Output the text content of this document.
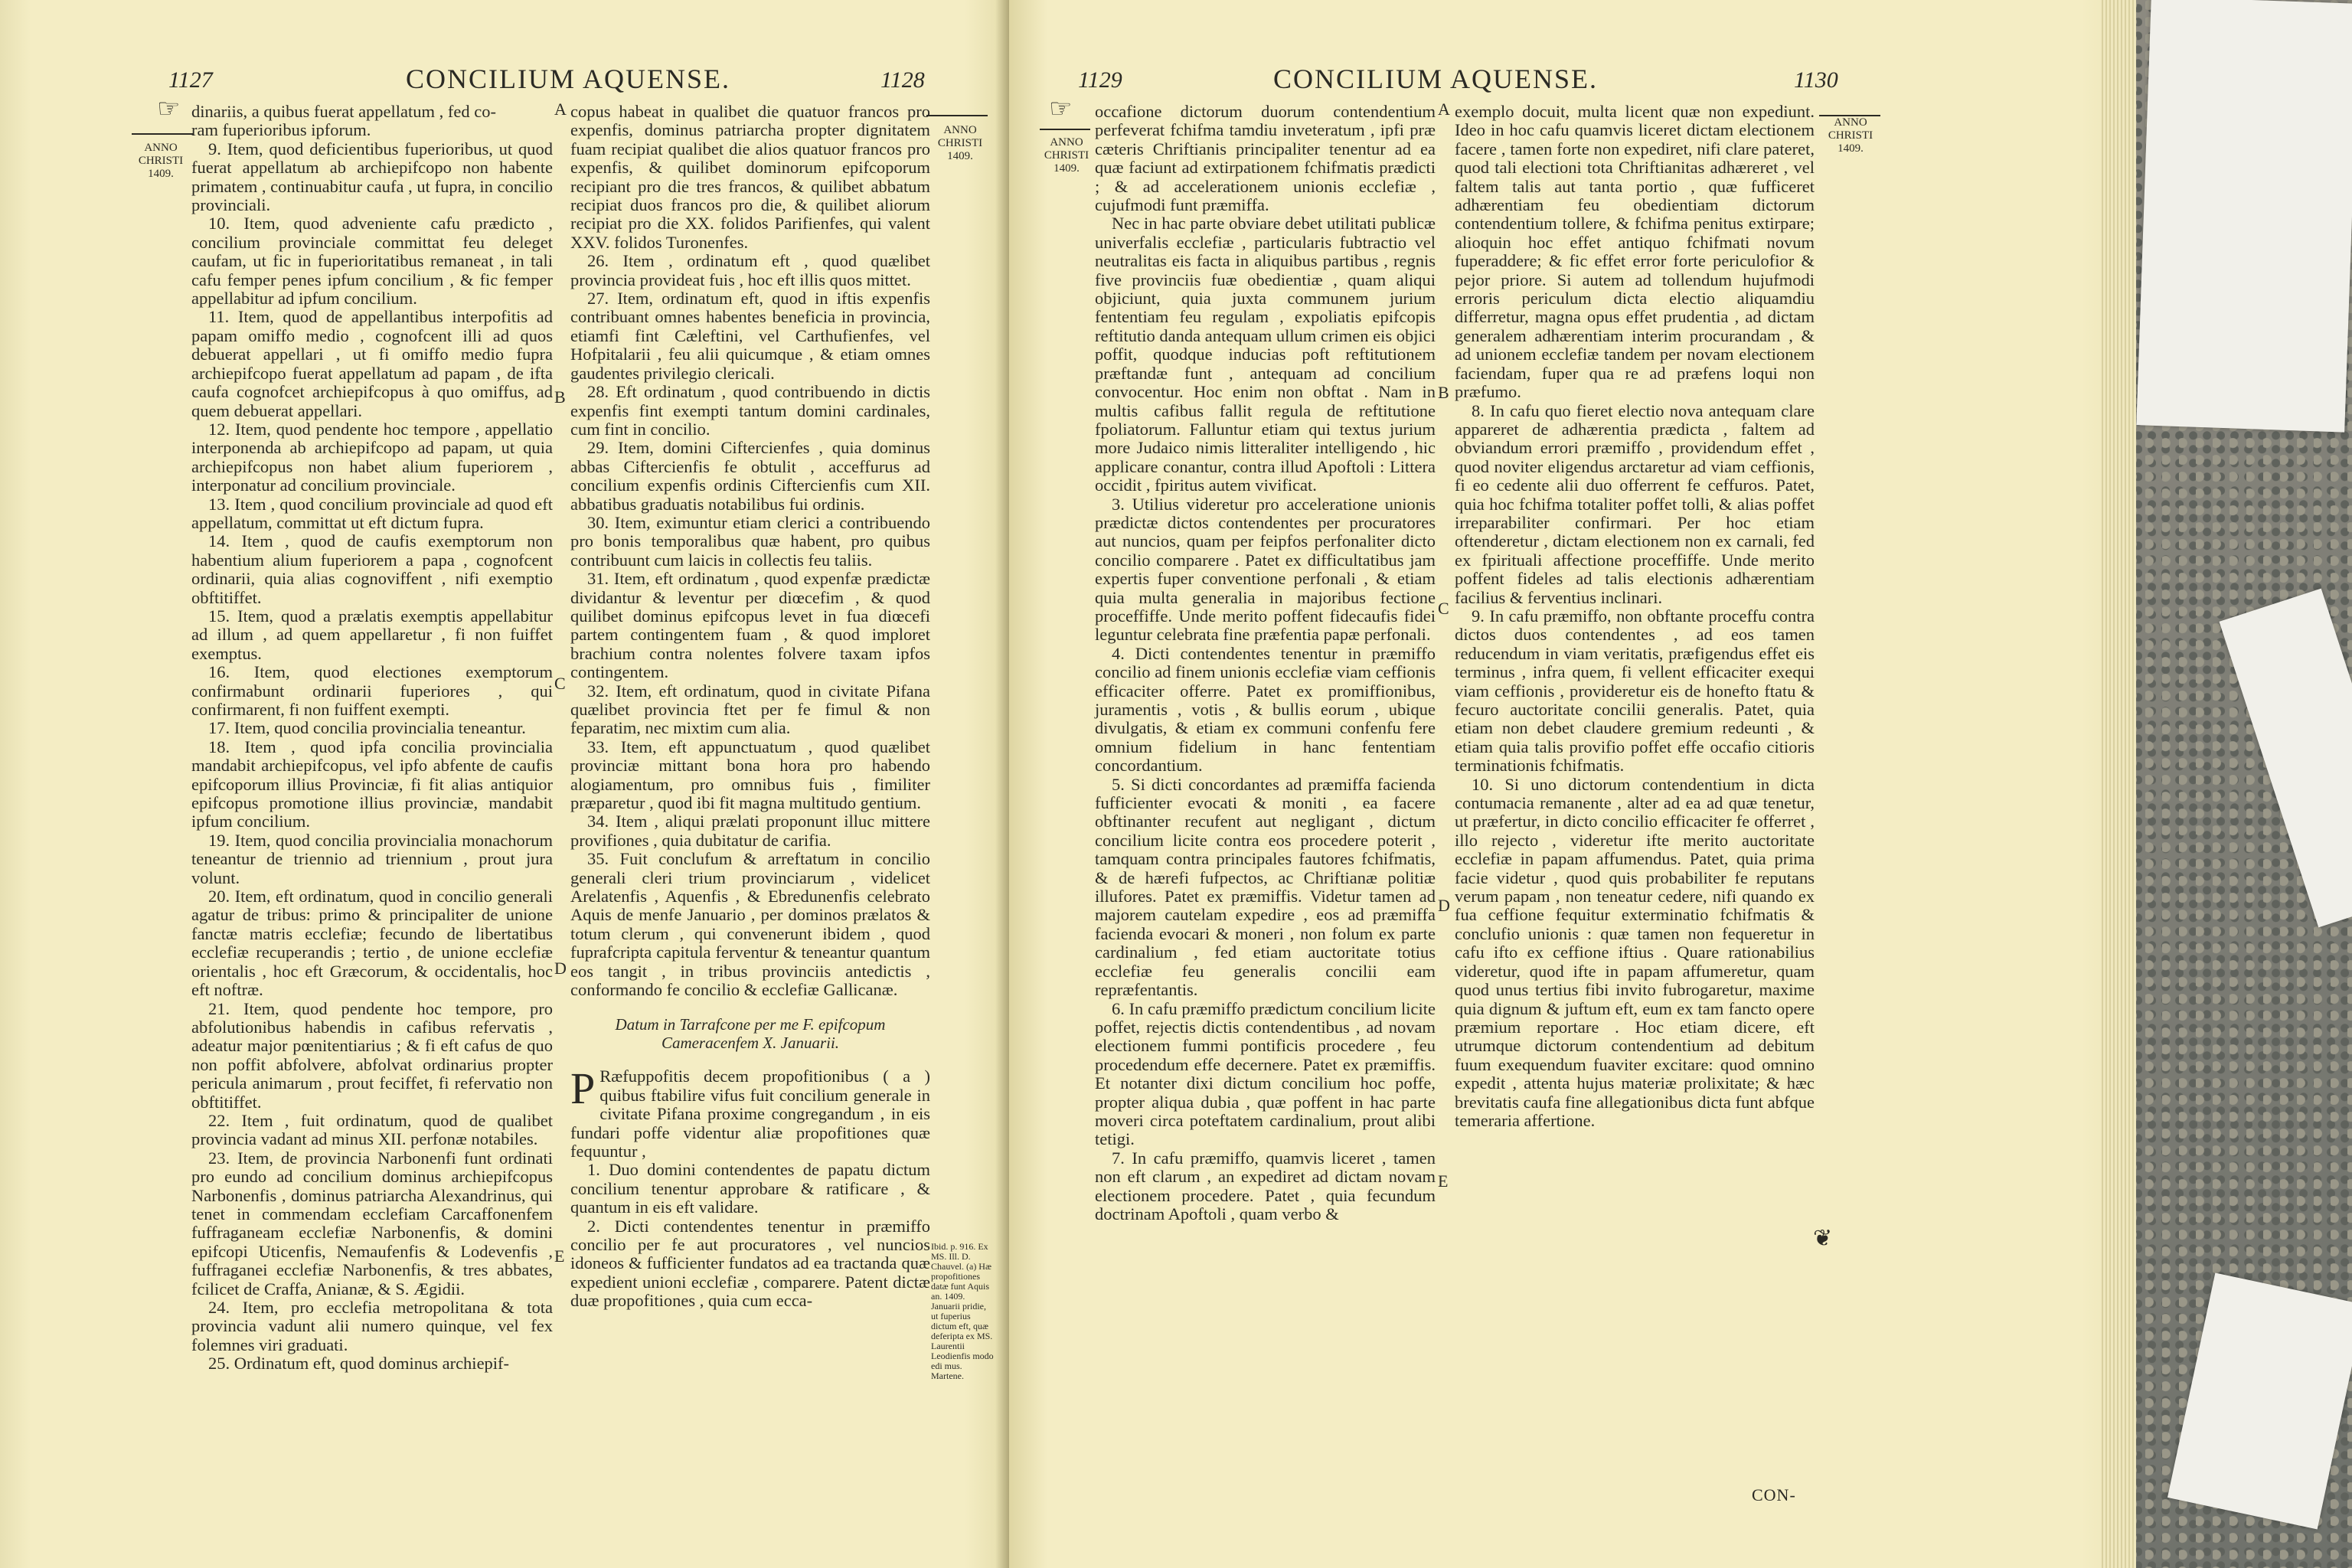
1127	CONCILIUM AQUENSE.	1128
☞
ANNO
CHRISTI
1409.
ANNO
CHRISTI
1409.
A
B
C
D
E

dinariis, a quibus fuerat appellatum , fed co-

ram fuperioribus ipforum.

9. Item, quod deficientibus fuperioribus, ut quod fuerat appellatum ab archiepifcopo non habente primatem , continuabitur caufa , ut fupra, in concilio provinciali.

10. Item, quod adveniente cafu prædicto , concilium provinciale committat feu deleget caufam, ut fic in fuperioritatibus remaneat , in tali cafu femper penes ipfum concilium , & fic femper appellabitur ad ipfum concilium.

11. Item, quod de appellantibus interpofitis ad papam omiffo medio , cognofcent illi ad quos debuerat appellari , ut fi omiffo medio fupra archiepifcopo fuerat appellatum ad papam , de ifta caufa cognofcet archiepifcopus à quo omiffus, ad quem debuerat appellari.

12. Item, quod pendente hoc tempore , appellatio interponenda ab archiepifcopo ad papam, ut quia archiepifcopus non habet alium fuperiorem , interponatur ad concilium provinciale.

13. Item , quod concilium provinciale ad quod eft appellatum, committat ut eft dictum fupra.

14. Item , quod de caufis exemptorum non habentium alium fuperiorem a papa , cognofcent ordinarii, quia alias cognoviffent , nifi exemptio obftitiffet.

15. Item, quod a prælatis exemptis appellabitur ad illum , ad quem appellaretur , fi non fuiffet exemptus.

16. Item, quod electiones exemptorum confirmabunt ordinarii fuperiores , qui confirmarent, fi non fuiffent exempti.

17. Item, quod concilia provincialia teneantur.

18. Item , quod ipfa concilia provincialia mandabit archiepifcopus, vel ipfo abfente de caufis epifcoporum illius Provinciæ, fi fit alias antiquior epifcopus promotione illius provinciæ, mandabit ipfum concilium.

19. Item, quod concilia provincialia monachorum teneantur de triennio ad triennium , prout jura volunt.

20. Item, eft ordinatum, quod in concilio generali agatur de tribus: primo & principaliter de unione fanctæ matris ecclefiæ; fecundo de libertatibus ecclefiæ recuperandis ; tertio , de unione ecclefiæ orientalis , hoc eft Græcorum, & occidentalis, hoc eft noftræ.

21. Item, quod pendente hoc tempore, pro abfolutionibus habendis in cafibus refervatis , adeatur major pœnitentiarius ; & fi eft cafus de quo non poffit abfolvere, abfolvat ordinarius propter pericula animarum , prout feciffet, fi refervatio non obftitiffet.

22. Item , fuit ordinatum, quod de qualibet provincia vadant ad minus XII. perfonæ notabiles.

23. Item, de provincia Narbonenfi funt ordinati pro eundo ad concilium dominus archiepifcopus Narbonenfis , dominus patriarcha Alexandrinus, qui tenet in commendam ecclefiam Carcaffonenfem fuffraganeam ecclefiæ Narbonenfis, & domini epifcopi Uticenfis, Nemaufenfis & Lodevenfis , fuffraganei ecclefiæ Narbonenfis, & tres abbates, fcilicet de Craffa, Anianæ, & S. Ægidii.

24. Item, pro ecclefia metropolitana & tota provincia vadunt alii numero quinque, vel fex folemnes viri graduati.

25. Ordinatum eft, quod dominus archiepif-

copus habeat in qualibet die quatuor francos pro expenfis, dominus patriarcha propter dignitatem fuam recipiat qualibet die alios quatuor francos pro expenfis, & quilibet dominorum epifcoporum recipiant pro die tres francos, & quilibet abbatum recipiat duos francos pro die, & quilibet aliorum recipiat pro die XX. folidos Parifienfes, qui valent XXV. folidos Turonenfes.

26. Item , ordinatum eft , quod quælibet provincia provideat fuis , hoc eft illis quos mittet.

27. Item, ordinatum eft, quod in iftis expenfis contribuant omnes habentes beneficia in provincia, etiamfi fint Cæleftini, vel Carthufienfes, vel Hofpitalarii , feu alii quicumque , & etiam omnes gaudentes privilegio clericali.

28. Eft ordinatum , quod contribuendo in dictis expenfis fint exempti tantum domini cardinales, cum fint in concilio.

29. Item, domini Ciftercienfes , quia dominus abbas Ciftercienfis fe obtulit , acceffurus ad concilium expenfis ordinis Ciftercienfis cum XII. abbatibus graduatis notabilibus fui ordinis.

30. Item, eximuntur etiam clerici a contribuendo pro bonis temporalibus quæ habent, pro quibus contribuunt cum laicis in collectis feu taliis.

31. Item, eft ordinatum , quod expenfæ prædictæ dividantur & leventur per diœcefim , & quod quilibet dominus epifcopus levet in fua diœcefi partem contingentem fuam , & quod imploret brachium contra nolentes folvere taxam ipfos contingentem.

32. Item, eft ordinatum, quod in civitate Pifana quælibet provincia ftet per fe fimul & non feparatim, nec mixtim cum alia.

33. Item, eft appunctuatum , quod quælibet provinciæ mittant bona hora pro habendo alogiamentum, pro omnibus fuis , fimiliter præparetur , quod ibi fit magna multitudo gentium.

34. Item , aliqui prælati proponunt illuc mittere provifiones , quia dubitatur de carifia.

35. Fuit conclufum & arreftatum in concilio generali cleri trium provinciarum , videlicet Arelatenfis , Aquenfis , & Ebredunenfis celebrato Aquis de menfe Januario , per dominos prælatos & totum clerum , qui convenerunt ibidem , quod fuprafcripta capitula ferventur & teneantur quantum eos tangit , in tribus provinciis antedictis , conformando fe concilio & ecclefiæ Gallicanæ.

Datum in Tarrafcone per me F. epifcopum Cameracenfem X. Januarii.

P Ræfuppofitis decem propofitionibus ( a ) quibus ftabilire vifus fuit concilium generale in civitate Pifana proxime congregandum , in eis fundari poffe videntur aliæ propofitiones quæ fequuntur ,

1. Duo domini contendentes de papatu dictum concilium tenentur approbare & ratificare , & quantum in eis eft validare.

2. Dicti contendentes tenentur in præmiffo concilio per fe aut procuratores , vel nuncios idoneos & fufficienter fundatos ad ea tractanda quæ expedient unioni ecclefiæ , comparere. Patent dictæ duæ propofitiones , quia cum ecca-

Ibid. p. 916. Ex MS. Ill. D. Chauvel. (a) Hæ propofitiones datæ funt Aquis an. 1409. Januarii pridie, ut fuperius dictum eft, quæ deferipta ex MS. Laurentii Leodienfis modo edi mus. Martene.
1129	CONCILIUM AQUENSE.	1130
☞
ANNO
CHRISTI
1409.
ANNO
CHRISTI
1409.
A
B
C
D
E

occafione dictorum duorum contendentium perfeverat fchifma tamdiu inveteratum , ipfi præ cæteris Chriftianis principaliter tenentur ad ea quæ faciunt ad extirpationem fchifmatis prædicti ; & ad accelerationem unionis ecclefiæ , cujufmodi funt præmiffa.

Nec in hac parte obviare debet utilitati publicæ univerfalis ecclefiæ , particularis fubtractio vel neutralitas eis facta in aliquibus partibus , regnis five provinciis fuæ obedientiæ , quam aliqui objiciunt, quia juxta communem jurium fententiam feu regulam , expoliatis epifcopis reftitutio danda antequam ullum crimen eis objici poffit, quodque inducias poft reftitutionem præftandæ funt , antequam ad concilium convocentur. Hoc enim non obftat . Nam in multis cafibus fallit regula de reftitutione fpoliatorum. Falluntur etiam qui textus jurium more Judaico nimis litteraliter intelligendo , hic applicare conantur, contra illud Apoftoli : Littera occidit , fpiritus autem vivificat.

3. Utilius videretur pro acceleratione unionis prædictæ dictos contendentes per procuratores aut nuncios, quam per feipfos perfonaliter dicto concilio comparere . Patet ex difficultatibus jam expertis fuper conventione perfonali , & etiam quia multa generalia in majoribus fectione proceffiffe. Unde merito poffent fidecaufis fidei leguntur celebrata fine præfentia papæ perfonali.

4. Dicti contendentes tenentur in præmiffo concilio ad finem unionis ecclefiæ viam ceffionis efficaciter offerre. Patet ex promiffionibus, juramentis , votis , & bullis eorum , ubique divulgatis, & etiam ex communi confenfu fere omnium fidelium in hanc fententiam concordantium.

5. Si dicti concordantes ad præmiffa facienda fufficienter evocati & moniti , ea facere obftinanter recufent aut negligant , dictum concilium licite contra eos procedere poterit , tamquam contra principales fautores fchifmatis, & de hærefi fufpectos, ac Chriftianæ politiæ illufores. Patet ex præmiffis. Videtur tamen ad majorem cautelam expedire , eos ad præmiffa facienda evocari & moneri , non folum ex parte cardinalium , fed etiam auctoritate totius ecclefiæ feu generalis concilii eam repræfentantis.

6. In cafu præmiffo prædictum concilium licite poffet, rejectis dictis contendentibus , ad novam electionem fummi pontificis procedere , feu procedendum effe decernere. Patet ex præmiffis. Et notanter dixi dictum concilium hoc poffe, propter aliqua dubia , quæ poffent in hac parte moveri circa poteftatem cardinalium, prout alibi tetigi.

7. In cafu præmiffo, quamvis liceret , tamen non eft clarum , an expediret ad dictam novam electionem procedere. Patet , quia fecundum doctrinam Apoftoli , quam verbo &

exemplo docuit, multa licent quæ non expediunt. Ideo in hoc cafu quamvis liceret dictam electionem facere , tamen forte non expediret, nifi clare pateret, quod tali electioni tota Chriftianitas adhæreret , vel faltem talis aut tanta portio , quæ fufficeret adhærentiam feu obedientiam dictorum contendentium tollere, & fchifma penitus extirpare; alioquin hoc effet antiquo fchifmati novum fuperaddere; & fic effet error forte periculofior & pejor priore. Si autem ad tollendum hujufmodi erroris periculum dicta electio aliquamdiu differretur, magna opus effet prudentia , ad dictam generalem adhærentiam interim procurandam , & ad unionem ecclefiæ tandem per novam electionem faciendam, fuper qua re ad præfens loqui non præfumo.

8. In cafu quo fieret electio nova antequam clare appareret de adhærentia prædicta , faltem ad obviandum errori præmiffo , providendum effet , quod noviter eligendus arctaretur ad viam ceffionis, fi eo cedente alii duo offerrent fe ceffuros. Patet, quia hoc fchifma totaliter poffet tolli, & alias poffet irreparabiliter confirmari. Per hoc etiam oftenderetur , dictam electionem non ex carnali, fed ex fpirituali affectione proceffiffe. Unde merito poffent fideles ad talis electionis adhærentiam facilius & ferventius inclinari.

9. In cafu præmiffo, non obftante proceffu contra dictos duos contendentes , ad eos tamen reducendum in viam veritatis, præfigendus effet eis terminus , infra quem, fi vellent efficaciter exequi viam ceffionis , provideretur eis de honefto ftatu & fecuro auctoritate concilii generalis. Patet, quia etiam non debet claudere gremium redeunti , & etiam quia talis provifio poffet effe occafio citioris terminationis fchifmatis.

10. Si uno dictorum contendentium in dicta contumacia remanente , alter ad ea ad quæ tenetur, ut præfertur, in dicto concilio efficaciter fe offerret , illo rejecto , videretur ifte merito auctoritate ecclefiæ in papam affumendus. Patet, quia prima facie videtur , quod quis probabiliter fe reputans verum papam , non teneatur cedere, nifi quando ex fua ceffione fequitur exterminatio fchifmatis & conclufio unionis : quæ tamen non fequeretur in cafu ifto ex ceffione iftius . Quare rationabilius videretur, quod ifte in papam affumeretur, quam quod unus tertius fibi invito fubrogaretur, maxime quia dignum & juftum eft, eum ex tam fancto opere præmium reportare . Hoc etiam dicere, eft utrumque dictorum contendentium ad debitum fuum exequendum fuaviter excitare: quod omnino expedit , attenta hujus materiæ prolixitate; & hæc brevitatis caufa fine allegationibus dicta funt abfque temeraria affertione.

❦
CON-
